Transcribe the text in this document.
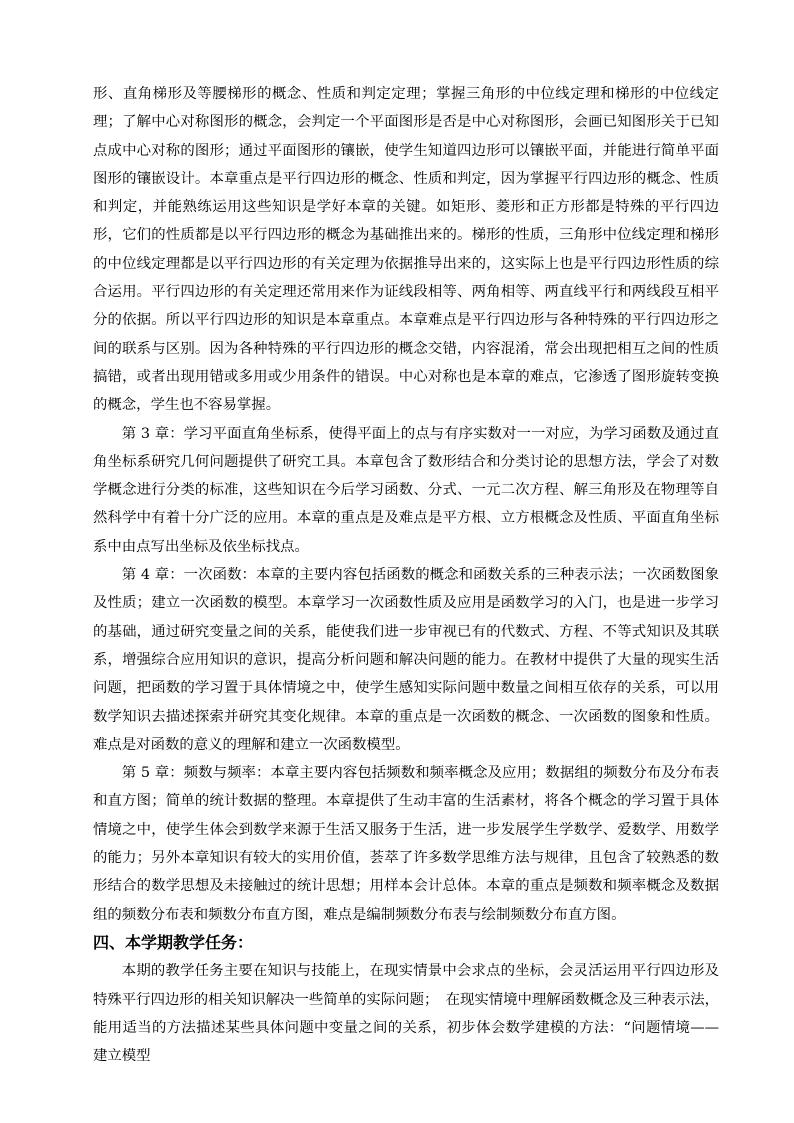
形、直角梯形及等腰梯形的概念、性质和判定定理；掌握三角形的中位线定理和梯形的中位线定理；了解中心对称图形的概念，会判定一个平面图形是否是中心对称图形，会画已知图形关于已知点成中心对称的图形；通过平面图形的镶嵌，使学生知道四边形可以镶嵌平面，并能进行简单平面图形的镶嵌设计。本章重点是平行四边形的概念、性质和判定，因为掌握平行四边形的概念、性质和判定，并能熟练运用这些知识是学好本章的关键。如矩形、菱形和正方形都是特殊的平行四边形，它们的性质都是以平行四边形的概念为基础推出来的。梯形的性质，三角形中位线定理和梯形的中位线定理都是以平行四边形的有关定理为依据推导出来的，这实际上也是平行四边形性质的综合运用。平行四边形的有关定理还常用来作为证线段相等、两角相等、两直线平行和两线段互相平分的依据。所以平行四边形的知识是本章重点。本章难点是平行四边形与各种特殊的平行四边形之间的联系与区别。因为各种特殊的平行四边形的概念交错，内容混淆，常会出现把相互之间的性质搞错，或者出现用错或多用或少用条件的错误。中心对称也是本章的难点，它渗透了图形旋转变换的概念，学生也不容易掌握。

第 3 章：学习平面直角坐标系，使得平面上的点与有序实数对一一对应，为学习函数及通过直角坐标系研究几何问题提供了研究工具。本章包含了数形结合和分类讨论的思想方法，学会了对数学概念进行分类的标准，这些知识在今后学习函数、分式、一元二次方程、解三角形及在物理等自然科学中有着十分广泛的应用。本章的重点是及难点是平方根、立方根概念及性质、平面直角坐标系中由点写出坐标及依坐标找点。

第 4 章：一次函数：本章的主要内容包括函数的概念和函数关系的三种表示法；一次函数图象及性质；建立一次函数的模型。本章学习一次函数性质及应用是函数学习的入门，也是进一步学习的基础，通过研究变量之间的关系，能使我们进一步审视已有的代数式、方程、不等式知识及其联系，增强综合应用知识的意识，提高分析问题和解决问题的能力。在教材中提供了大量的现实生活问题，把函数的学习置于具体情境之中，使学生感知实际问题中数量之间相互依存的关系，可以用数学知识去描述探索并研究其变化规律。本章的重点是一次函数的概念、一次函数的图象和性质。难点是对函数的意义的理解和建立一次函数模型。

第 5 章：频数与频率：本章主要内容包括频数和频率概念及应用；数据组的频数分布及分布表和直方图；简单的统计数据的整理。本章提供了生动丰富的生活素材，将各个概念的学习置于具体情境之中，使学生体会到数学来源于生活又服务于生活，进一步发展学生学数学、爱数学、用数学的能力；另外本章知识有较大的实用价值，荟萃了许多数学思维方法与规律，且包含了较熟悉的数形结合的数学思想及未接触过的统计思想；用样本会计总体。本章的重点是频数和频率概念及数据组的频数分布表和频数分布直方图，难点是编制频数分布表与绘制频数分布直方图。

四、本学期教学任务：

本期的教学任务主要在知识与技能上，在现实情景中会求点的坐标，会灵活运用平行四边形及特殊平行四边形的相关知识解决一些简单的实际问题；　在现实情境中理解函数概念及三种表示法，能用适当的方法描述某些具体问题中变量之间的关系，初步体会数学建模的方法：“问题情境——建立模型
